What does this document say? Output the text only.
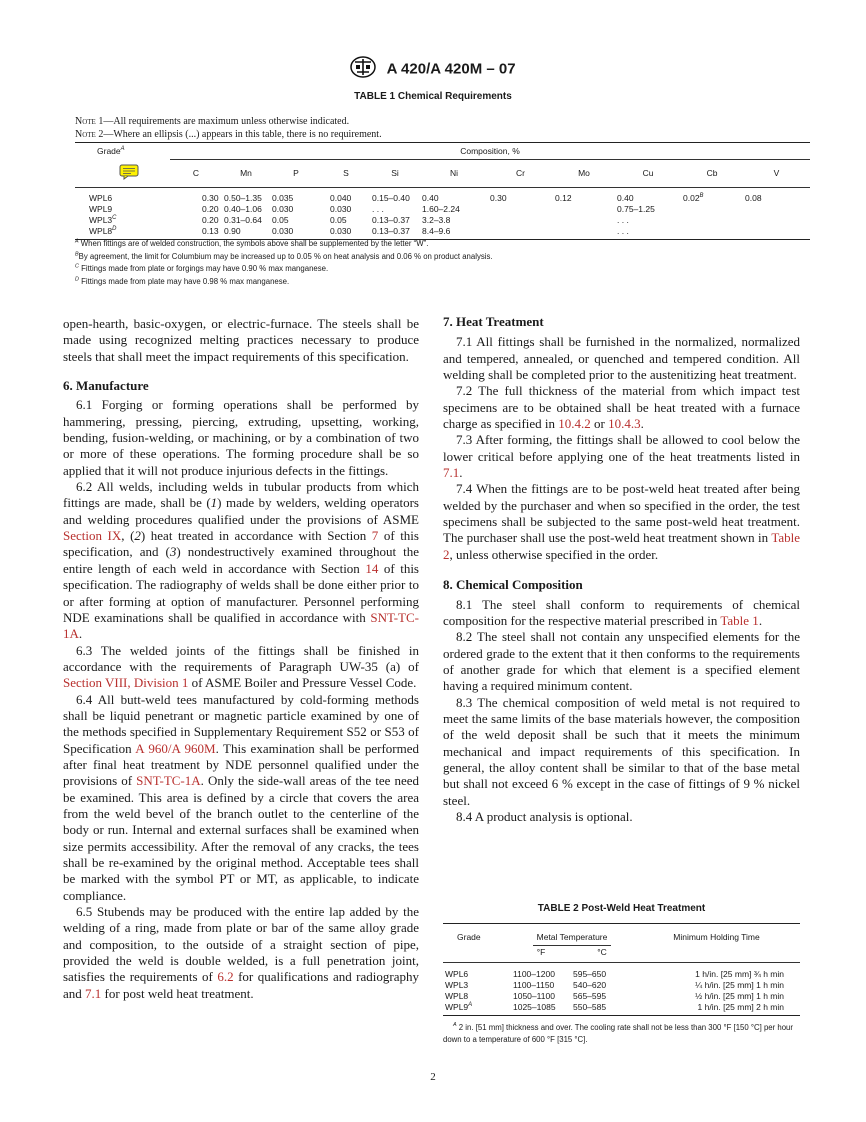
A 420/A 420M – 07
TABLE 1 Chemical Requirements
Note 1—All requirements are maximum unless otherwise indicated.
Note 2—Where an ellipsis (...) appears in this table, there is no requirement.
Grade$^A$	Composition, %										
	C	Mn	P	S	Si	Ni	Cr	Mo	Cu	Cb	V
WPL6	0.30	0.50–1.35	0.035	0.040	0.15–0.40	0.40	0.30	0.12	0.40	$0.02^B$	0.08
WPL9	0.20	0.40–1.06	0.030	0.030	. . .	1.60–2.24			0.75–1.25		
$WPL3^C$	0.20	0.31–0.64	0.05	0.05	0.13–0.37	3.2–3.8			. . .		
$WPL8^D$	0.13	0.90	0.030	0.030	0.13–0.37	8.4–9.6			. . .		
$^A$ When fittings are of welded construction, the symbols above shall be supplemented by the letter “W”.
$^B$By agreement, the limit for Columbium may be increased up to 0.05 % on heat analysis and 0.06 % on product analysis.
$^C$ Fittings made from plate or forgings may have 0.90 % max manganese.
$^D$ Fittings made from plate may have 0.98 % max manganese.

open-hearth, basic-oxygen, or electric-furnace. The steels shall be made using recognized melting practices necessary to produce steels that shall meet the impact requirements of this specification.

6. Manufacture

6.1 Forging or forming operations shall be performed by hammering, pressing, piercing, extruding, upsetting, working, bending, fusion-welding, or machining, or by a combination of two or more of these operations. The forming procedure shall be so applied that it will not produce injurious defects in the fittings.

6.2 All welds, including welds in tubular products from which fittings are made, shall be (1) made by welders, welding operators and welding procedures qualified under the provisions of ASME Section IX, (2) heat treated in accordance with Section 7 of this specification, and (3) nondestructively examined throughout the entire length of each weld in accordance with Section 14 of this specification. The radiography of welds shall be done either prior to or after forming at option of manufacturer. Personnel performing NDE examinations shall be qualified in accordance with SNT-TC-1A.

6.3 The welded joints of the fittings shall be finished in accordance with the requirements of Paragraph UW-35 (a) of Section VIII, Division 1 of ASME Boiler and Pressure Vessel Code.

6.4 All butt-weld tees manufactured by cold-forming methods shall be liquid penetrant or magnetic particle examined by one of the methods specified in Supplementary Requirement S52 or S53 of Specification A 960/A 960M. This examination shall be performed after final heat treatment by NDE personnel qualified under the provisions of SNT-TC-1A. Only the side-wall areas of the tee need be examined. This area is defined by a circle that covers the area from the weld bevel of the branch outlet to the centerline of the body or run. Internal and external surfaces shall be examined when size permits accessibility. After the removal of any cracks, the tees shall be re-examined by the original method. Acceptable tees shall be marked with the symbol PT or MT, as applicable, to indicate compliance.

6.5 Stubends may be produced with the entire lap added by the welding of a ring, made from plate or bar of the same alloy grade and composition, to the outside of a straight section of pipe, provided the weld is double welded, is a full penetration joint, satisfies the requirements of 6.2 for qualifications and radiography and 7.1 for post weld heat treatment.

7. Heat Treatment

7.1 All fittings shall be furnished in the normalized, normalized and tempered, annealed, or quenched and tempered condition. All welding shall be completed prior to the austenitizing heat treatment.

7.2 The full thickness of the material from which impact test specimens are to be obtained shall be heat treated with a furnace charge as specified in 10.4.2 or 10.4.3.

7.3 After forming, the fittings shall be allowed to cool below the lower critical before applying one of the heat treatments listed in 7.1.

7.4 When the fittings are to be post-weld heat treated after being welded by the purchaser and when so specified in the order, the test specimens shall be subjected to the same post-weld heat treatment. The purchaser shall use the post-weld heat treatment shown in Table 2, unless otherwise specified in the order.

8. Chemical Composition

8.1 The steel shall conform to requirements of chemical composition for the respective material prescribed in Table 1.

8.2 The steel shall not contain any unspecified elements for the ordered grade to the extent that it then conforms to the requirements of another grade for which that element is a specified element having a required minimum content.

8.3 The chemical composition of weld metal is not required to meet the same limits of the base materials however, the composition of the weld deposit shall be such that it meets the minimum mechanical and impact requirements of this specification. In general, the alloy content shall be similar to that of the base metal but shall not exceed 6 % except in the case of fittings of 9 % nickel steel.

8.4 A product analysis is optional.

TABLE 2 Post-Weld Heat Treatment
Grade	Metal Temperature		Minimum Holding Time
	°F	°C	
WPL6	1100–1200	595–650	1 h/in. [25 mm] ¾ h min
WPL3	1100–1150	540–620	¼ h/in. [25 mm] 1 h min
WPL8	1050–1100	565–595	½ h/in. [25 mm] 1 h min
$WPL9^A$	1025–1085	550–585	1 h/in. [25 mm] 2 h min
$^A$ 2 in. [51 mm] thickness and over. The cooling rate shall not be less than 300 °F [150 °C] per hour down to a temperature of 600 °F [315 °C].
2
